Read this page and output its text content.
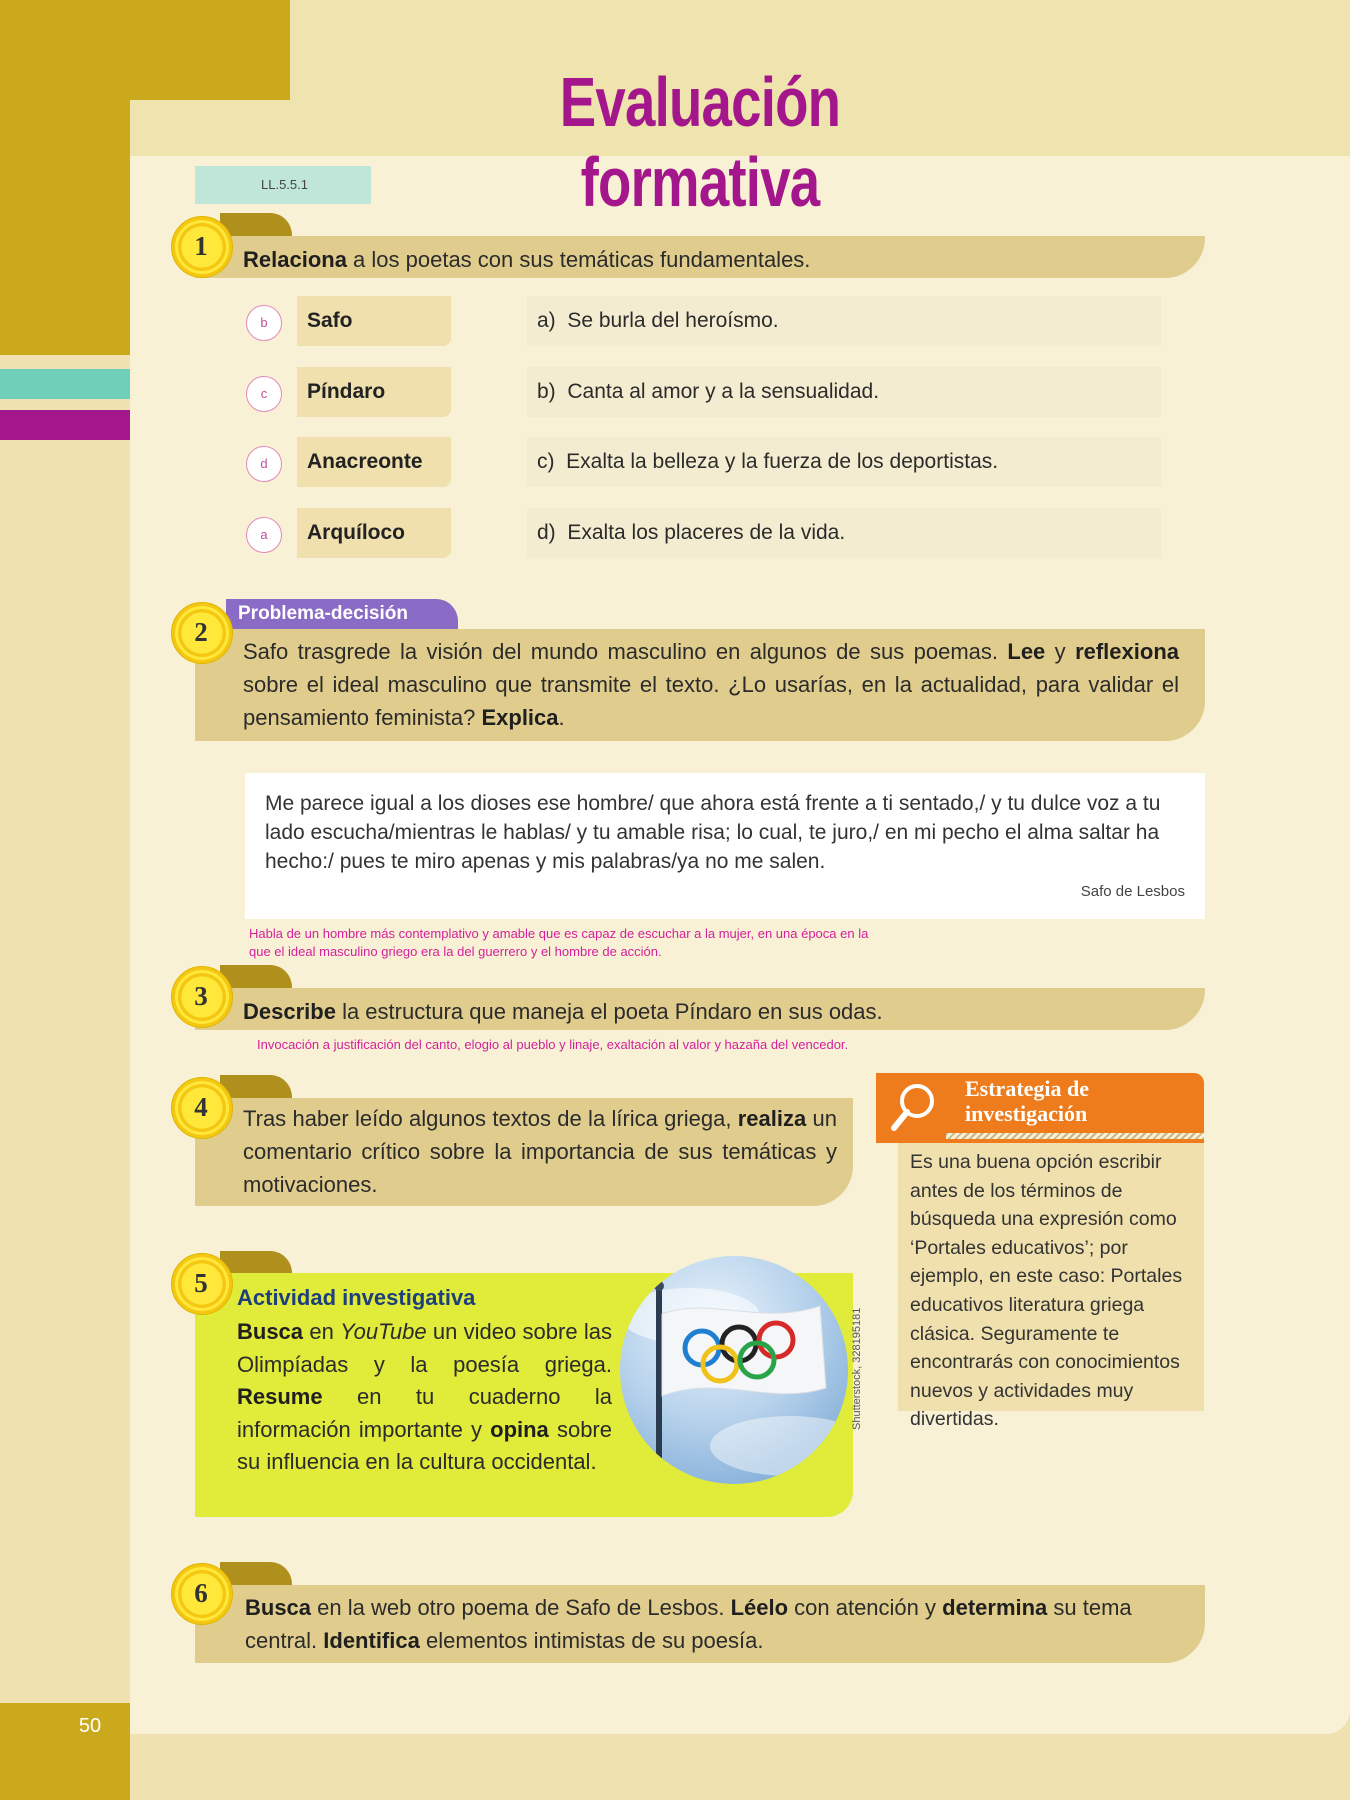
50
Evaluación formativa
LL.5.5.1
1	Relaciona a los poetas con sus temáticas fundamentales.
b	Safo	a) Se burla del heroísmo.
c	Píndaro	b) Canta al amor y a la sensualidad.
d	Anacreonte	c) Exalta la belleza y la fuerza de los deportistas.
a	Arquíloco	d) Exalta los placeres de la vida.
Problema-decisión
2
Safo trasgrede la visión del mundo masculino en algunos de sus poemas. Lee y reflexiona sobre el ideal masculino que transmite el texto. ¿Lo usarías, en la actualidad, para validar el pensamiento feminista? Explica.
Me parece igual a los dioses ese hombre/ que ahora está frente a ti sentado,/ y tu dulce voz a tu lado escucha/mientras le hablas/ y tu amable risa; lo cual, te juro,/ en mi pecho el alma saltar ha hecho:/ pues te miro apenas y mis palabras/ya no me salen.
Safo de Lesbos
Habla de un hombre más contemplativo y amable que es capaz de escuchar a la mujer, en una época en la
que el ideal masculino griego era la del guerrero y el hombre de acción.
3
Describe la estructura que maneja el poeta Píndaro en sus odas.
Invocación a justificación del canto, elogio al pueblo y linaje, exaltación al valor y hazaña del vencedor.
4	Tras haber leído algunos textos de la lírica griega, realiza un comentario crítico sobre la importancia de sus temáticas y motivaciones.
5	Actividad investigativa
Busca en YouTube un video sobre las Olimpíadas y la poesía griega. Resume en tu cuaderno la información importante y opina sobre su influencia en la cultura occidental.
Shutterstock, 328195181
Estrategia de
investigación
Es una buena opción escribir antes de los términos de búsqueda una expresión como ‘Portales educativos’; por ejemplo, en este caso: Portales educativos literatura griega clásica. Seguramente te encontrarás con conocimientos nuevos y actividades muy divertidas.
6	Busca en la web otro poema de Safo de Lesbos. Léelo con atención y determina su tema central. Identifica elementos intimistas de su poesía.
